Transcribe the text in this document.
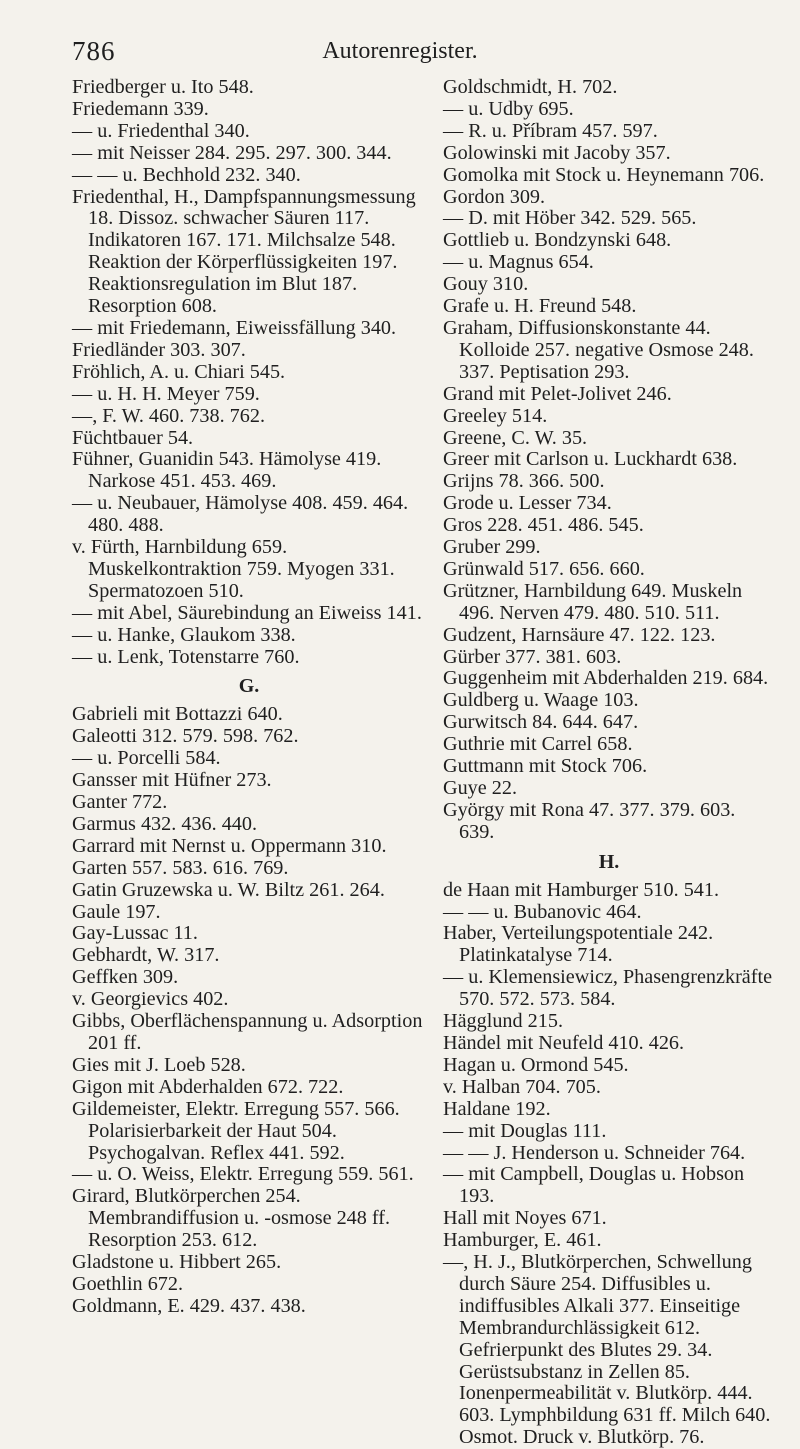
786	Autorenregister.
Friedberger u. Ito 548.
Friedemann 339.
— u. Friedenthal 340.
— mit Neisser 284. 295. 297. 300. 344.
— — u. Bechhold 232. 340.
Friedenthal, H., Dampfspannungsmessung 18. Dissoz. schwacher Säuren 117. Indikatoren 167. 171. Milchsalze 548. Reaktion der Körperflüssigkeiten 197. Reaktionsregulation im Blut 187. Resorption 608.
— mit Friedemann, Eiweissfällung 340.
Friedländer 303. 307.
Fröhlich, A. u. Chiari 545.
— u. H. H. Meyer 759.
—, F. W. 460. 738. 762.
Füchtbauer 54.
Fühner, Guanidin 543. Hämolyse 419. Narkose 451. 453. 469.
— u. Neubauer, Hämolyse 408. 459. 464. 480. 488.
v. Fürth, Harnbildung 659. Muskelkontraktion 759. Myogen 331. Spermatozoen 510.
— mit Abel, Säurebindung an Eiweiss 141.
— u. Hanke, Glaukom 338.
— u. Lenk, Totenstarre 760.
G.
Gabrieli mit Bottazzi 640.
Galeotti 312. 579. 598. 762.
— u. Porcelli 584.
Gansser mit Hüfner 273.
Ganter 772.
Garmus 432. 436. 440.
Garrard mit Nernst u. Oppermann 310.
Garten 557. 583. 616. 769.
Gatin Gruzewska u. W. Biltz 261. 264.
Gaule 197.
Gay-Lussac 11.
Gebhardt, W. 317.
Geffken 309.
v. Georgievics 402.
Gibbs, Oberflächenspannung u. Adsorption 201 ff.
Gies mit J. Loeb 528.
Gigon mit Abderhalden 672. 722.
Gildemeister, Elektr. Erregung 557. 566. Polarisierbarkeit der Haut 504. Psychogalvan. Reflex 441. 592.
— u. O. Weiss, Elektr. Erregung 559. 561.
Girard, Blutkörperchen 254. Membrandiffusion u. -osmose 248 ff. Resorption 253. 612.
Gladstone u. Hibbert 265.
Goethlin 672.
Goldmann, E. 429. 437. 438.
Goldschmidt, H. 702.
— u. Udby 695.
— R. u. Příbram 457. 597.
Golowinski mit Jacoby 357.
Gomolka mit Stock u. Heynemann 706.
Gordon 309.
— D. mit Höber 342. 529. 565.
Gottlieb u. Bondzynski 648.
— u. Magnus 654.
Gouy 310.
Grafe u. H. Freund 548.
Graham, Diffusionskonstante 44. Kolloide 257. negative Osmose 248. 337. Peptisation 293.
Grand mit Pelet-Jolivet 246.
Greeley 514.
Greene, C. W. 35.
Greer mit Carlson u. Luckhardt 638.
Grijns 78. 366. 500.
Grode u. Lesser 734.
Gros 228. 451. 486. 545.
Gruber 299.
Grünwald 517. 656. 660.
Grützner, Harnbildung 649. Muskeln 496. Nerven 479. 480. 510. 511.
Gudzent, Harnsäure 47. 122. 123.
Gürber 377. 381. 603.
Guggenheim mit Abderhalden 219. 684.
Guldberg u. Waage 103.
Gurwitsch 84. 644. 647.
Guthrie mit Carrel 658.
Guttmann mit Stock 706.
Guye 22.
György mit Rona 47. 377. 379. 603. 639.
H.
de Haan mit Hamburger 510. 541.
— — u. Bubanovic 464.
Haber, Verteilungspotentiale 242. Platinkatalyse 714.
— u. Klemensiewicz, Phasengrenzkräfte 570. 572. 573. 584.
Hägglund 215.
Händel mit Neufeld 410. 426.
Hagan u. Ormond 545.
v. Halban 704. 705.
Haldane 192.
— mit Douglas 111.
— — J. Henderson u. Schneider 764.
— mit Campbell, Douglas u. Hobson 193.
Hall mit Noyes 671.
Hamburger, E. 461.
—, H. J., Blutkörperchen, Schwellung durch Säure 254. Diffusibles u. indiffusibles Alkali 377. Einseitige Membrandurchlässigkeit 612. Gefrierpunkt des Blutes 29. 34. Gerüstsubstanz in Zellen 85. Ionenpermeabilität v. Blutkörp. 444. 603. Lymphbildung 631 ff. Milch 640. Osmot. Druck v. Blutkörp. 76.
